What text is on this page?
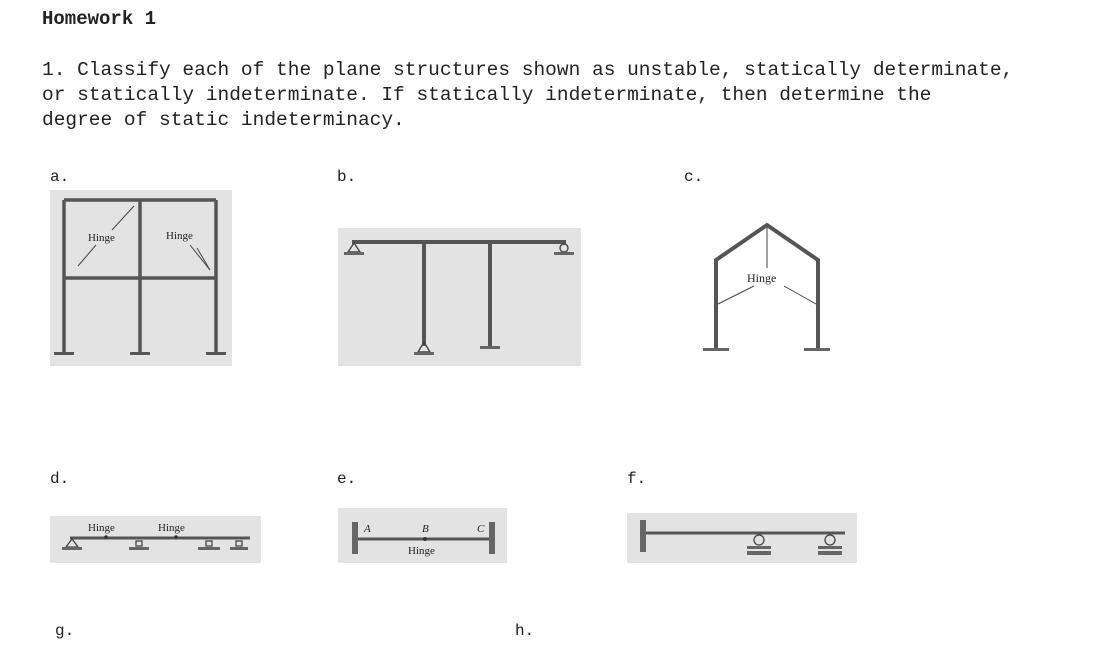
Homework 1
1. Classify each of the plane structures shown as unstable, statically determinate,
or statically indeterminate. If statically indeterminate, then determine the
degree of static indeterminacy.
a.	b.	c.
d.	e.	f.
g.	h.
Hinge	Hinge
Hinge
Hinge	Hinge	A	B	C
Hinge
